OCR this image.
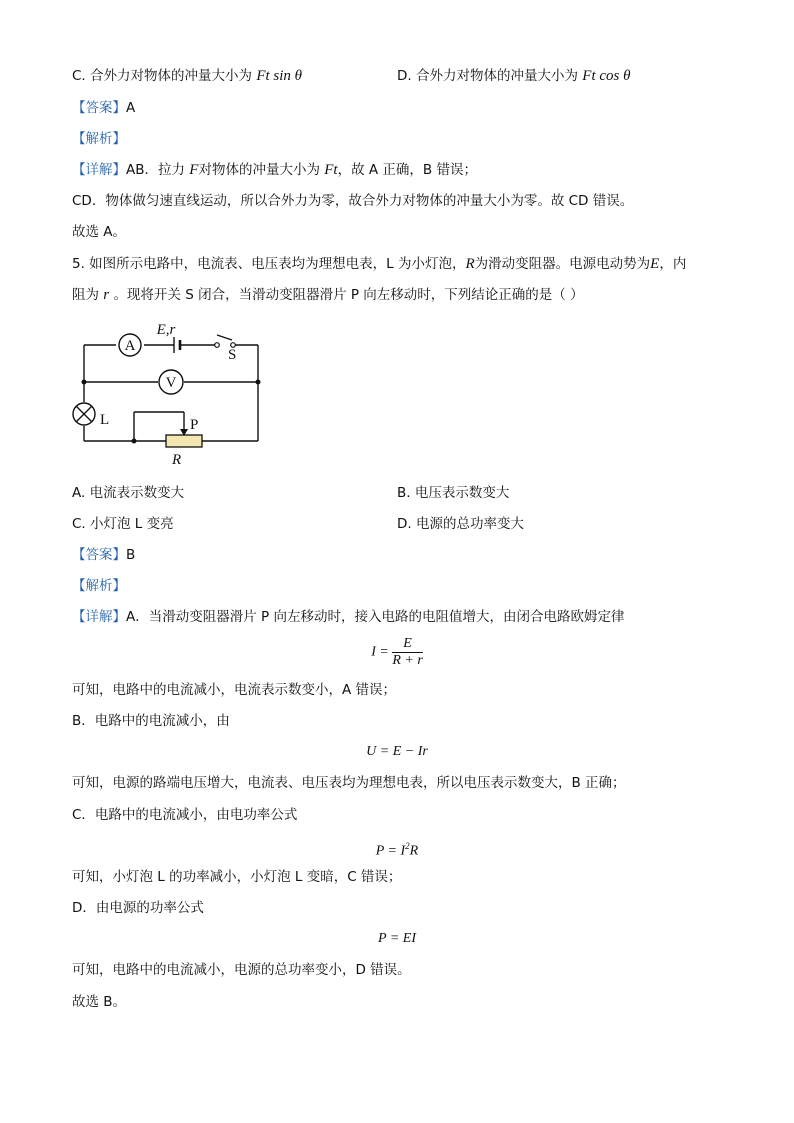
C. 合外力对物体的冲量大小为 Ft sin θ	D. 合外力对物体的冲量大小为 Ft cos θ
【答案】A
【解析】
【详解】AB．拉力 F对物体的冲量大小为 Ft，故 A 正确，B 错误；
CD．物体做匀速直线运动，所以合外力为零，故合外力对物体的冲量大小为零。故 CD 错误。
故选 A。
5. 如图所示电路中，电流表、电压表均为理想电表，L 为小灯泡，R为滑动变阻器。电源电动势为E，内
阻为 r 。现将开关 S 闭合，当滑动变阻器滑片 P 向左移动时，下列结论正确的是（ ）
A
V
E,r
S
L	P
R
A. 电流表示数变大	B. 电压表示数变大
C. 小灯泡 L 变亮	D. 电源的总功率变大
【答案】B
【解析】
【详解】A．当滑动变阻器滑片 P 向左移动时，接入电路的电阻值增大，由闭合电路欧姆定律
$I = \frac{E}{R + r}$
可知，电路中的电流减小，电流表示数变小，A 错误；
B．电路中的电流减小，由
U = E − Ir
可知，电源的路端电压增大，电流表、电压表均为理想电表，所以电压表示数变大，B 正确；
C．电路中的电流减小，由电功率公式
$P = I^2R$
可知，小灯泡 L 的功率减小，小灯泡 L 变暗，C 错误；
D．由电源的功率公式
P = EI
可知，电路中的电流减小，电源的总功率变小，D 错误。
故选 B。
